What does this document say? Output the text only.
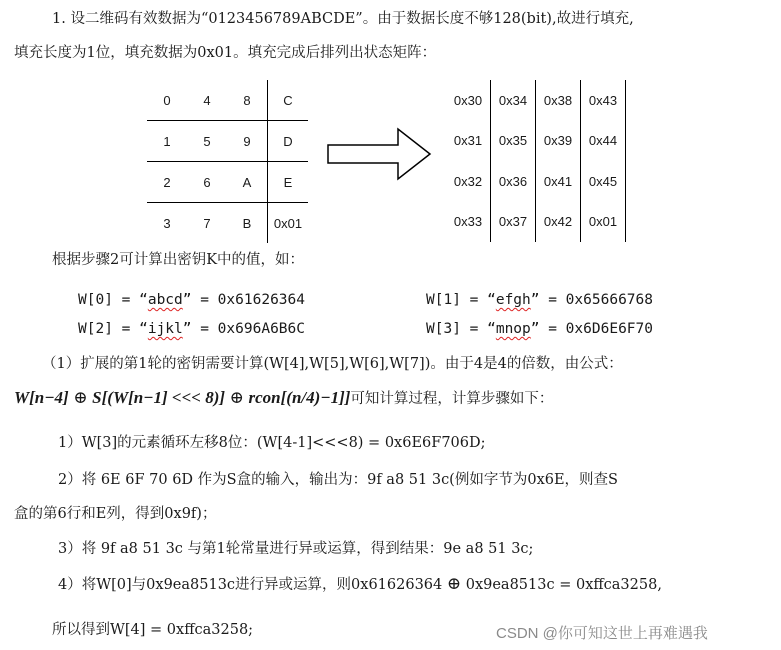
1. 设二维码有效数据为“0123456789ABCDE”。由于数据长度不够128(bit),故进行填充,
填充长度为1位，填充数据为0x01。填充完成后排列出状态矩阵：
0	4	8	C
1	5	9	D
2	6	A	E
3	7	B	0x01
0x30	0x34	0x38	0x43
0x31	0x35	0x39	0x44
0x32	0x36	0x41	0x45
0x33	0x37	0x42	0x01
根据步骤2可计算出密钥K中的值，如：
W[0] = “abcd” = 0x61626364	W[1] = “efgh” = 0x65666768
W[2] = “ijkl” = 0x696A6B6C	W[3] = “mnop” = 0x6D6E6F70
（1）扩展的第1轮的密钥需要计算(W[4],W[5],W[6],W[7])。由于4是4的倍数，由公式：
W[n−4] ⊕ S[(W[n−1] <<< 8)] ⊕ rcon[(n/4)−1]]可知计算过程，计算步骤如下：
1）W[3]的元素循环左移8位：(W[4-1]<<<8) = 0x6E6F706D;
2）将 6E 6F 70 6D 作为S盒的输入，输出为：9f a8 51 3c(例如字节为0x6E，则查S
盒的第6行和E列，得到0x9f)；
3）将 9f a8 51 3c 与第1轮常量进行异或运算，得到结果：9e a8 51 3c;
4）将W[0]与0x9ea8513c进行异或运算，则0x61626364 ⊕ 0x9ea8513c = 0xffca3258,
所以得到W[4] = 0xffca3258;	CSDN @你可知这世上再难遇我
